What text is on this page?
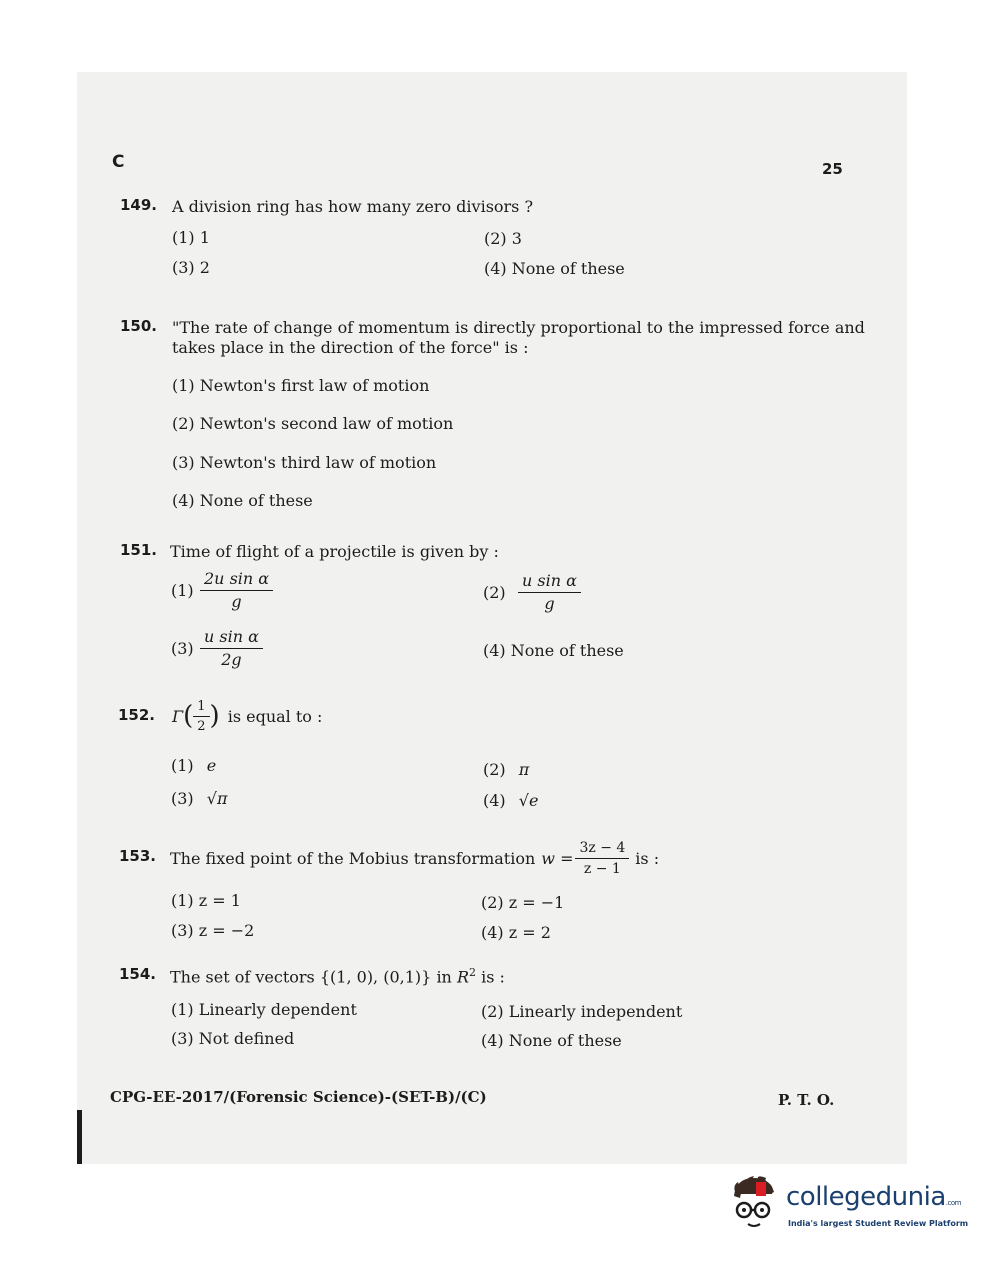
C	25
149. A division ring has how many zero divisors ?
(1) 1	(2) 3
(3) 2	(4) None of these
150. "The rate of change of momentum is directly proportional to the impressed force and
takes place in the direction of the force" is :
(1) Newton's first law of motion
(2) Newton's second law of motion
(3) Newton's third law of motion
(4) None of these
151. Time of flight of a projectile is given by :
$(1) \frac{\text{2u sin α}}{g}$	$(2) \frac{\text{u sin α}}{g}$
$(3) \frac{\text{u sin α}}{2g}$	(4) None of these
152. Γ ( $\frac{1}{2}$ ) is equal to :
(1) e	(2) π
(3) √π	(4) √e
153. The fixed point of the Mobius transformation $w = \frac{3z - 4}{z - 1}$ is :
(1) z = 1	(2) z = −1
(3) z = −2	(4) z = 2
154. The set of vectors {(1, 0), (0,1)} in $R^2$ is :
(1) Linearly dependent	(2) Linearly independent
(3) Not defined	(4) None of these
CPG-EE-2017/(Forensic Science)-(SET-B)/(C)	P. T. O.
collegedunia.com
India's largest Student Review Platform
